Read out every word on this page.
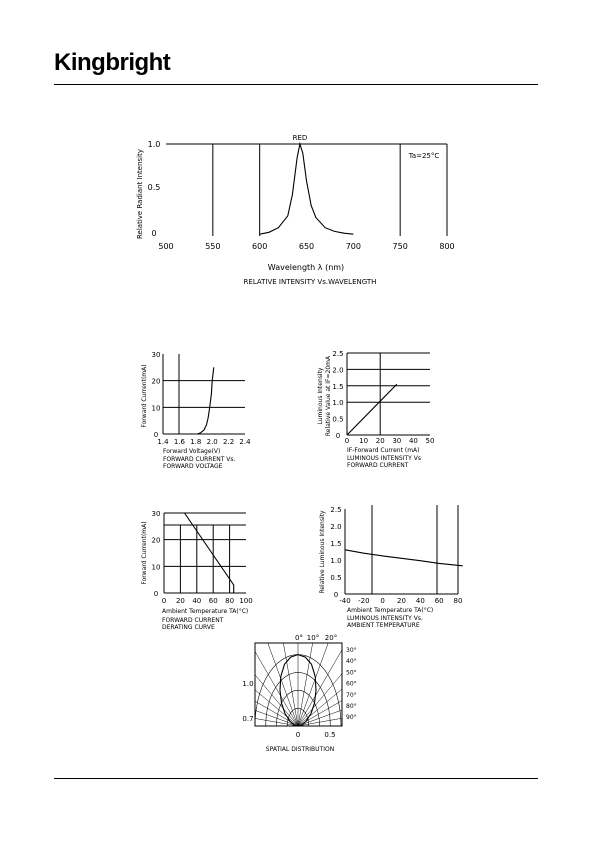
Kingbright
500	550	600	650	700	750	800
0
0.5
1.0
RED
Ta=25°C
Wavelength λ (nm)
Relative Radiant Intensity
RELATIVE INTENSITY Vs.WAVELENGTH
1.4 1.6 1.8 2.0 2.2 2.4
0
10
20
30
Forward Voltage(V)
Forward Current(mA)
FORWARD CURRENT Vs.
FORWARD VOLTAGE
0 10 20 30 40 50
0
0.5
1.0
1.5
2.0
2.5
IF-Forward Current (mA)
Luminous Intensity Relative Value at IF=20mA
LUMINOUS INTENSITY Vs
FORWARD CURRENT
0 20 40 60 80 100
0
10
20
30
Ambient Temperature TA(°C)
Forward Current(mA)
FORWARD CURRENT
DERATING CURVE
-40 -20 0 20 40 60 80
0
0.5
1.0
1.5
2.0
2.5
Ambient Temperature TA(°C)
Relative Luminous Intensity
LUMINOUS INTENSITY Vs.
AMBIENT TEMPERATURE
0° 10° 20°
30°
40°
50°
60°
70°
80°
90°
1.0
0.7
0	0.5
SPATIAL DISTRIBUTION
